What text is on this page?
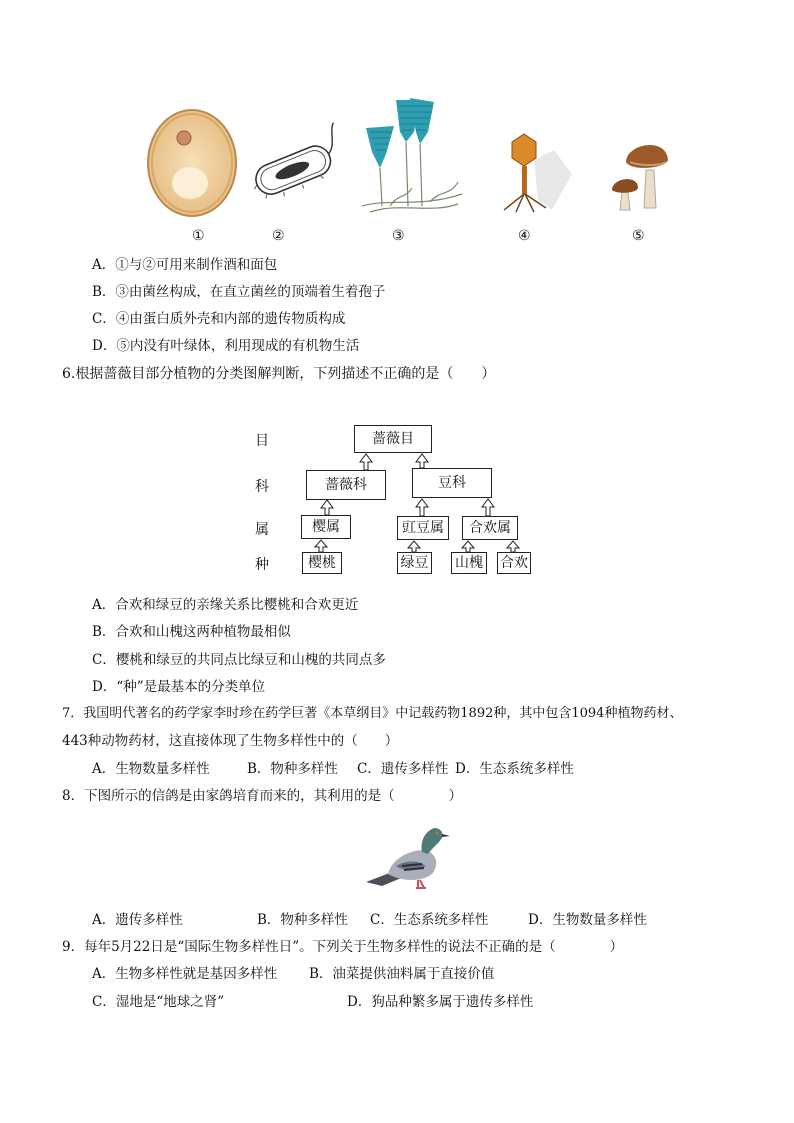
①	②	③	④	⑤
A．①与②可用来制作酒和面包
B．③由菌丝构成，在直立菌丝的顶端着生着孢子
C．④由蛋白质外壳和内部的遗传物质构成
D．⑤内没有叶绿体，利用现成的有机物生活
6.根据蔷薇目部分植物的分类图解判断，下列描述不正确的是（　　）
目
科
属
种
蔷薇目
蔷薇科	豆科
樱属	豇豆属	合欢属
樱桃	绿豆 山槐 合欢
A．合欢和绿豆的亲缘关系比樱桃和合欢更近
B．合欢和山槐这两种植物最相似
C．樱桃和绿豆的共同点比绿豆和山槐的共同点多
D．“种”是最基本的分类单位
7．我国明代著名的药学家李时珍在药学巨著《本草纲目》中记载药物1892种，其中包含1094种植物药材、
443种动物药材，这直接体现了生物多样性中的（　　）
A．生物数量多样性	B．物种多样性 C．遗传多样性 D．生态系统多样性
8．下图所示的信鸽是由家鸽培育而来的，其利用的是（　　　　）
A．遗传多样性	B．物种多样性 C．生态系统多样性	D．生物数量多样性
9．每年5月22日是“国际生物多样性日”。下列关于生物多样性的说法不正确的是（　　　　）
A．生物多样性就是基因多样性 B．油菜提供油料属于直接价值
C．湿地是“地球之肾”	D．狗品种繁多属于遗传多样性
